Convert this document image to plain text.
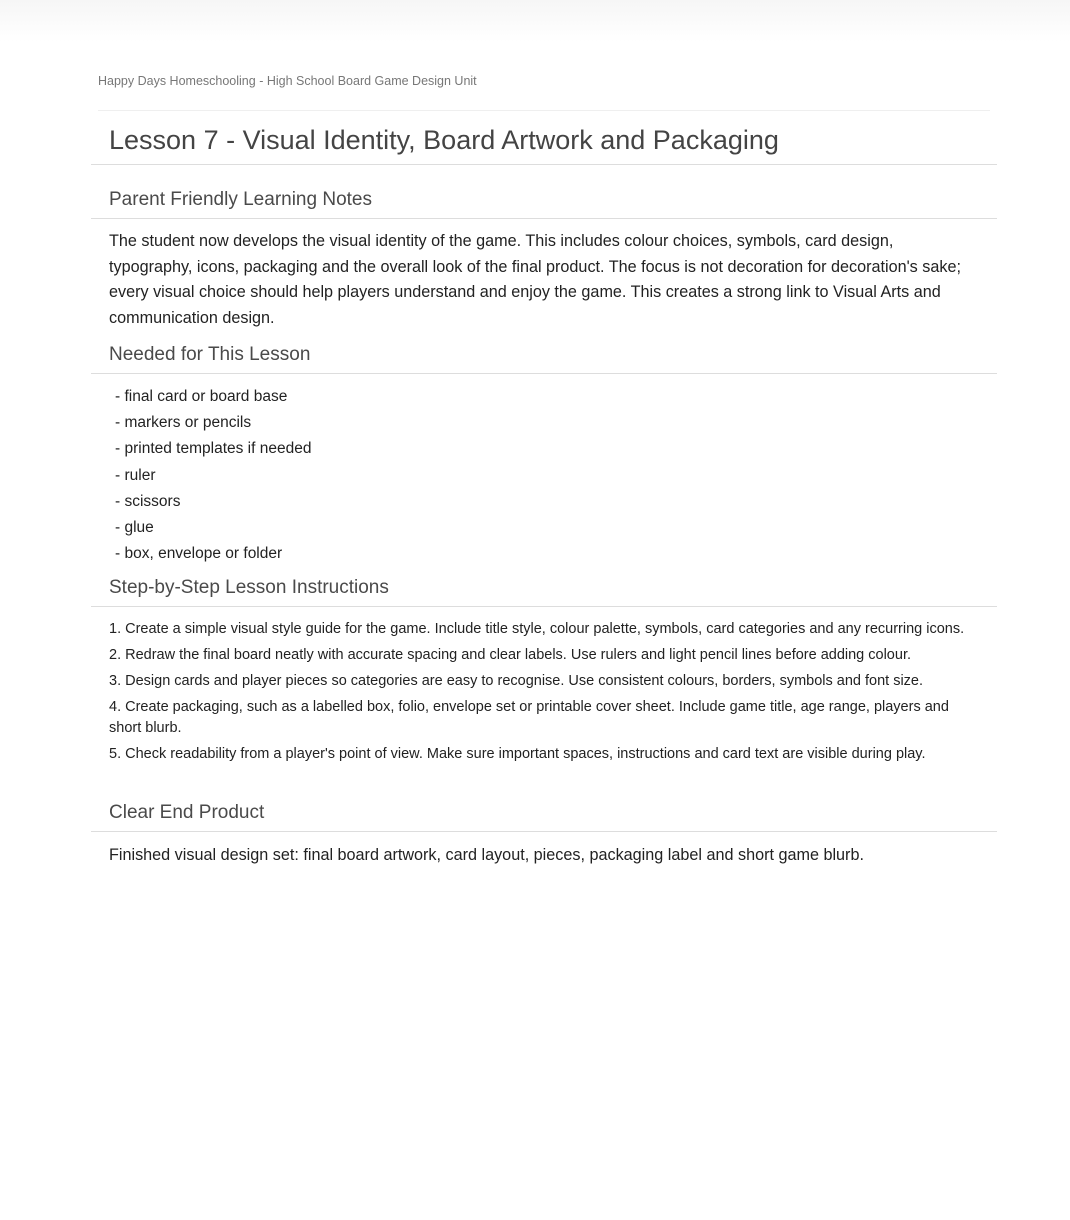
Happy Days Homeschooling - High School Board Game Design Unit

Lesson 7 - Visual Identity, Board Artwork and Packaging
Parent Friendly Learning Notes

The student now develops the visual identity of the game. This includes colour choices, symbols, card design, typography, icons, packaging and the overall look of the final product. The focus is not decoration for decoration's sake; every visual choice should help players understand and enjoy the game. This creates a strong link to Visual Arts and communication design.

Needed for This Lesson
- final card or board base
- markers or pencils
- printed templates if needed
- ruler
- scissors
- glue
- box, envelope or folder
Step-by-Step Lesson Instructions
1. Create a simple visual style guide for the game. Include title style, colour palette, symbols, card categories and any recurring icons.
2. Redraw the final board neatly with accurate spacing and clear labels. Use rulers and light pencil lines before adding colour.
3. Design cards and player pieces so categories are easy to recognise. Use consistent colours, borders, symbols and font size.
4. Create packaging, such as a labelled box, folio, envelope set or printable cover sheet. Include game title, age range, players and short blurb.
5. Check readability from a player's point of view. Make sure important spaces, instructions and card text are visible during play.
Clear End Product

Finished visual design set: final board artwork, card layout, pieces, packaging label and short game blurb.
